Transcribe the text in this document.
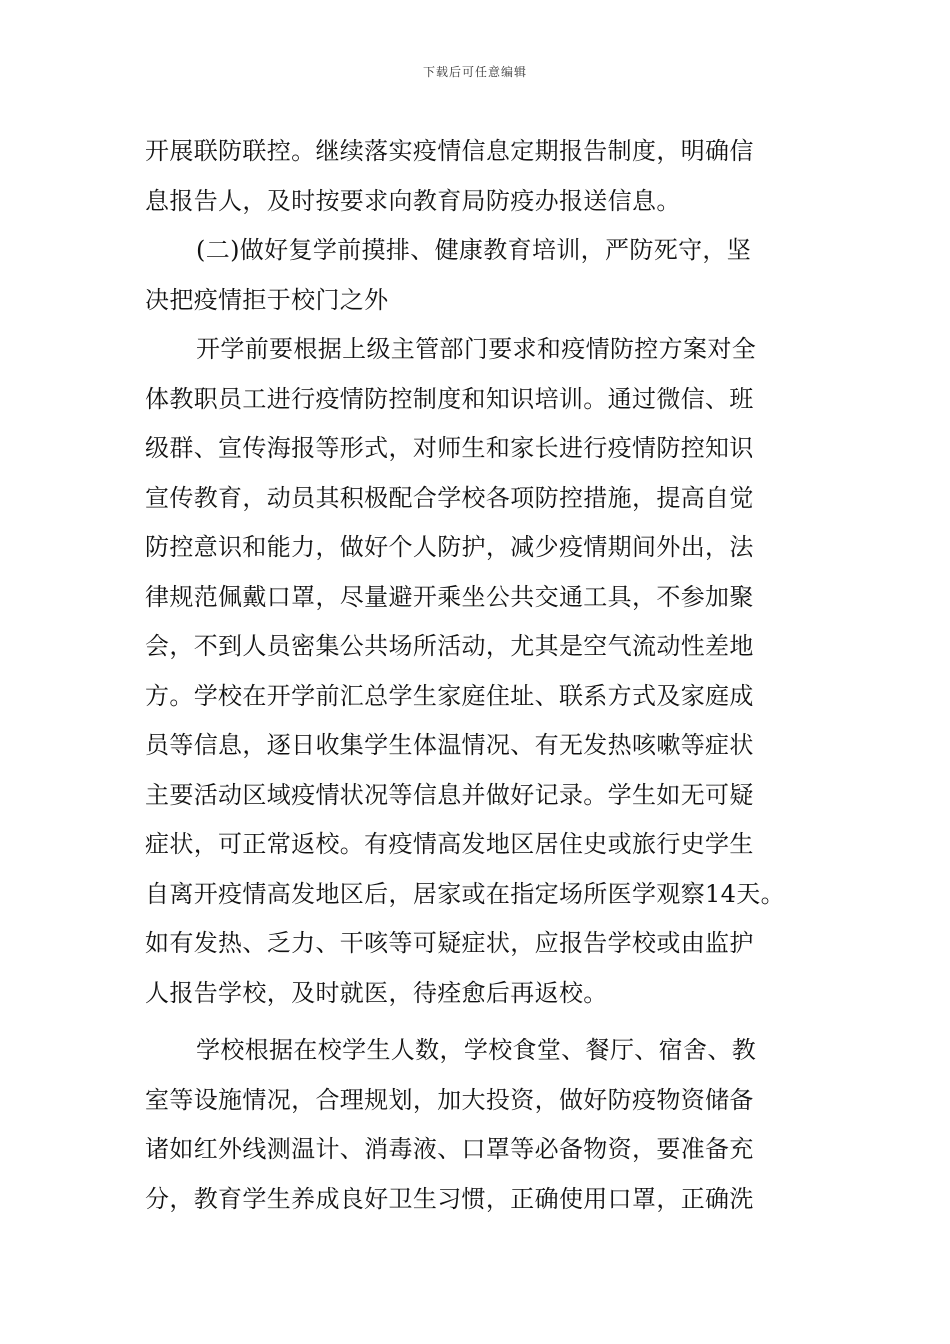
下载后可任意编辑
开展联防联控。继续落实疫情信息定期报告制度，明确信
息报告人，及时按要求向教育局防疫办报送信息。
(二)做好复学前摸排、健康教育培训，严防死守，坚
决把疫情拒于校门之外
开学前要根据上级主管部门要求和疫情防控方案对全
体教职员工进行疫情防控制度和知识培训。通过微信、班
级群、宣传海报等形式，对师生和家长进行疫情防控知识
宣传教育，动员其积极配合学校各项防控措施，提高自觉
防控意识和能力，做好个人防护，减少疫情期间外出，法
律规范佩戴口罩，尽量避开乘坐公共交通工具，不参加聚
会，不到人员密集公共场所活动，尤其是空气流动性差地
方。学校在开学前汇总学生家庭住址、联系方式及家庭成
员等信息，逐日收集学生体温情况、有无发热咳嗽等症状
主要活动区域疫情状况等信息并做好记录。学生如无可疑
症状，可正常返校。有疫情高发地区居住史或旅行史学生
自离开疫情高发地区后，居家或在指定场所医学观察14天。
如有发热、乏力、干咳等可疑症状，应报告学校或由监护
人报告学校，及时就医，待痊愈后再返校。
学校根据在校学生人数，学校食堂、餐厅、宿舍、教
室等设施情况，合理规划，加大投资，做好防疫物资储备
诸如红外线测温计、消毒液、口罩等必备物资，要准备充
分，教育学生养成良好卫生习惯，正确使用口罩，正确洗
